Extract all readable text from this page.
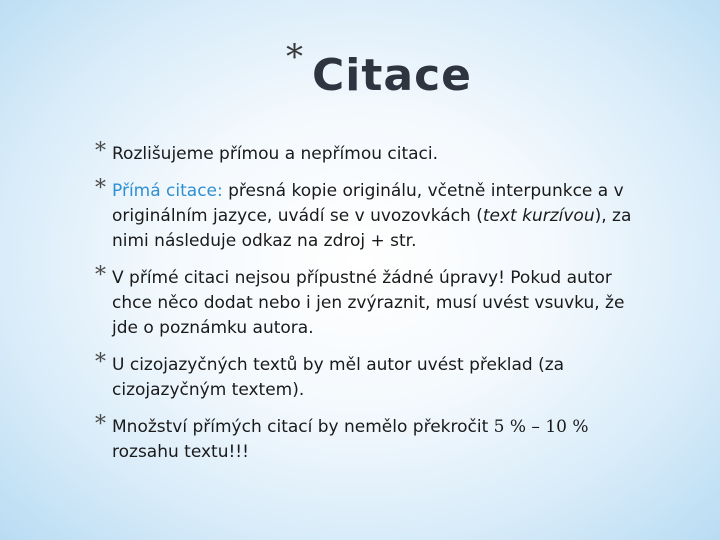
* Citace
* Rozlišujeme přímou a nepřímou citaci.
* Přímá citace: přesná kopie originálu, včetně interpunkce a v originálním jazyce, uvádí se v uvozovkách (text kurzívou), za nimi následuje odkaz na zdroj + str.
* V přímé citaci nejsou přípustné žádné úpravy! Pokud autor chce něco dodat nebo i jen zvýraznit, musí uvést vsuvku, že jde o poznámku autora.
* U cizojazyčných textů by měl autor uvést překlad (za cizojazyčným textem).
* Množství přímých citací by nemělo překročit 5 % – 10 % rozsahu textu!!!
